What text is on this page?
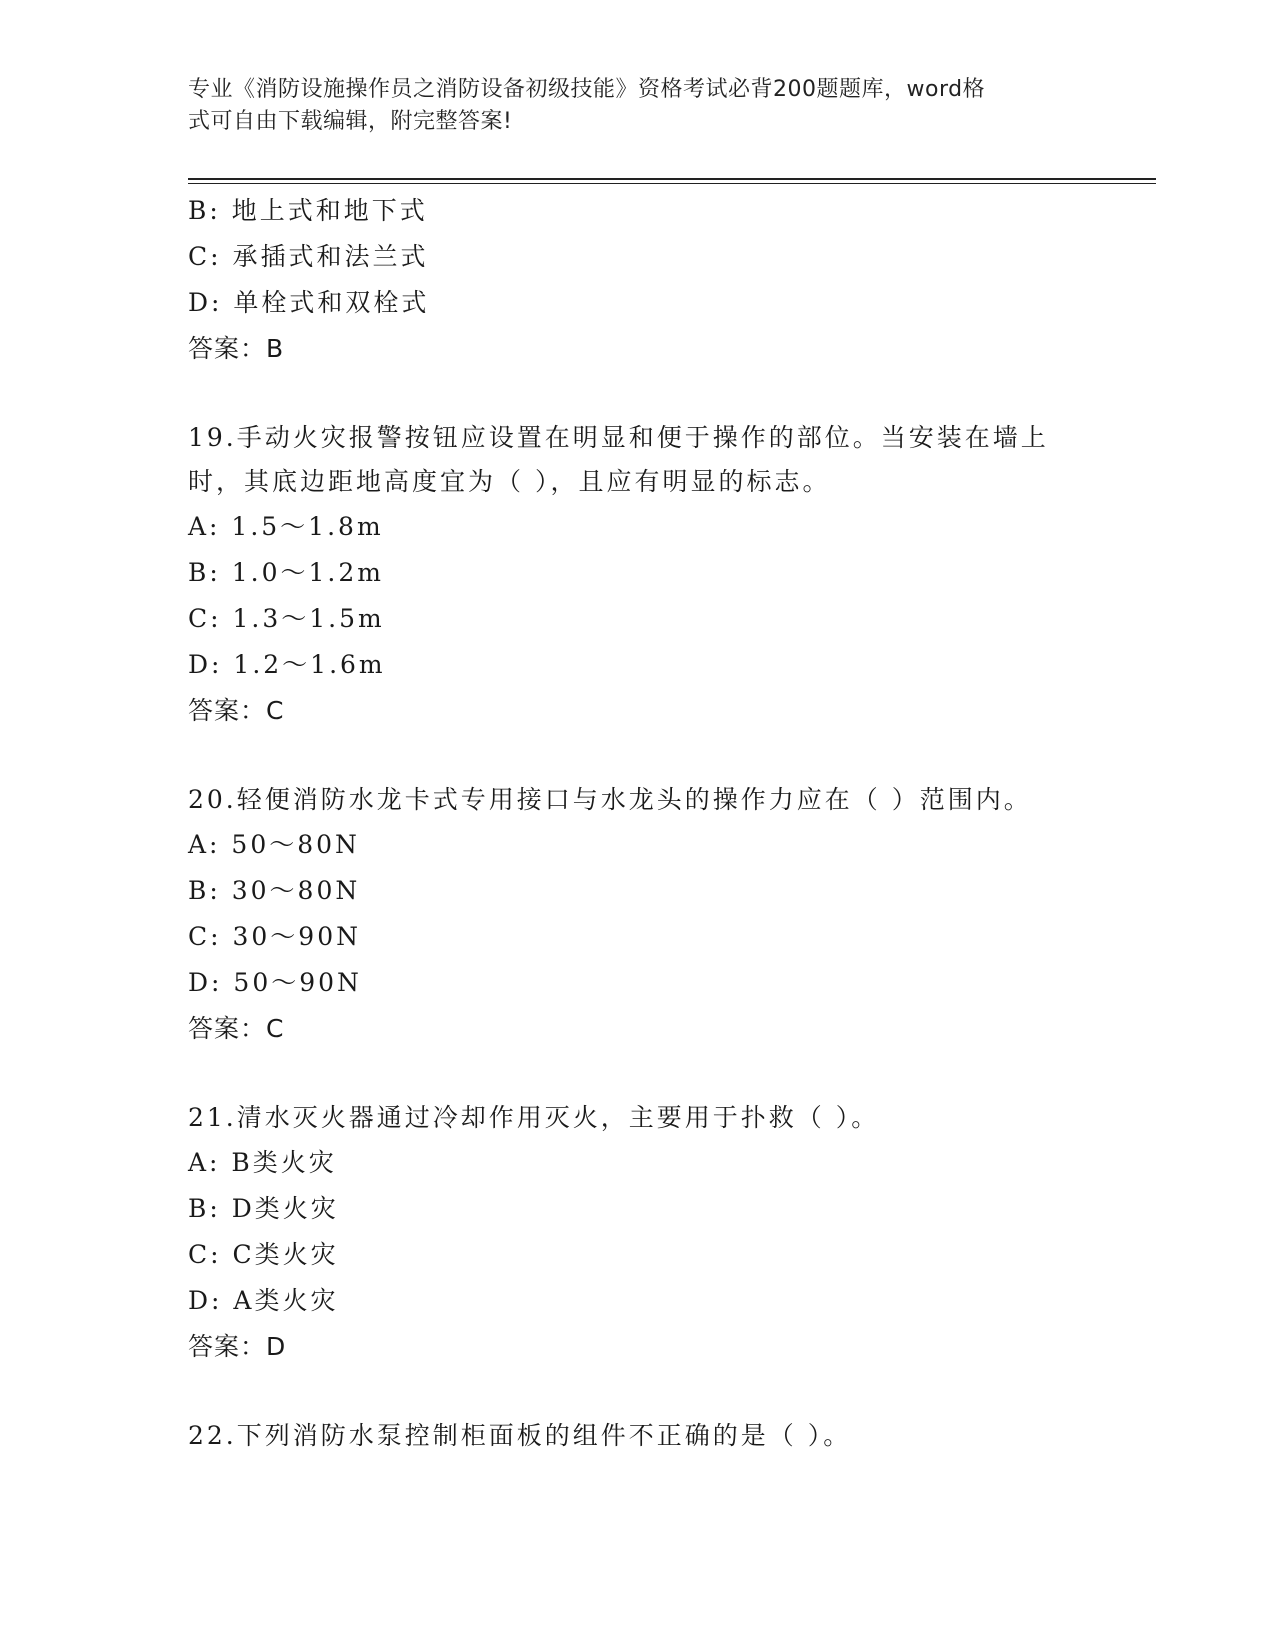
专业《消防设施操作员之消防设备初级技能》资格考试必背200题题库，word格
式可自由下载编辑，附完整答案!
B: 地上式和地下式
C: 承插式和法兰式
D: 单栓式和双栓式
答案：B
19.手动火灾报警按钮应设置在明显和便于操作的部位。当安装在墙上
时，其底边距地高度宜为（ ），且应有明显的标志。
A: 1.5～1.8m
B: 1.0～1.2m
C: 1.3～1.5m
D: 1.2～1.6m
答案：C
20.轻便消防水龙卡式专用接口与水龙头的操作力应在（ ）范围内。
A: 50～80N
B: 30～80N
C: 30～90N
D: 50～90N
答案：C
21.清水灭火器通过冷却作用灭火，主要用于扑救（ ）。
A: B类火灾
B: D类火灾
C: C类火灾
D: A类火灾
答案：D
22.下列消防水泵控制柜面板的组件不正确的是（ ）。
